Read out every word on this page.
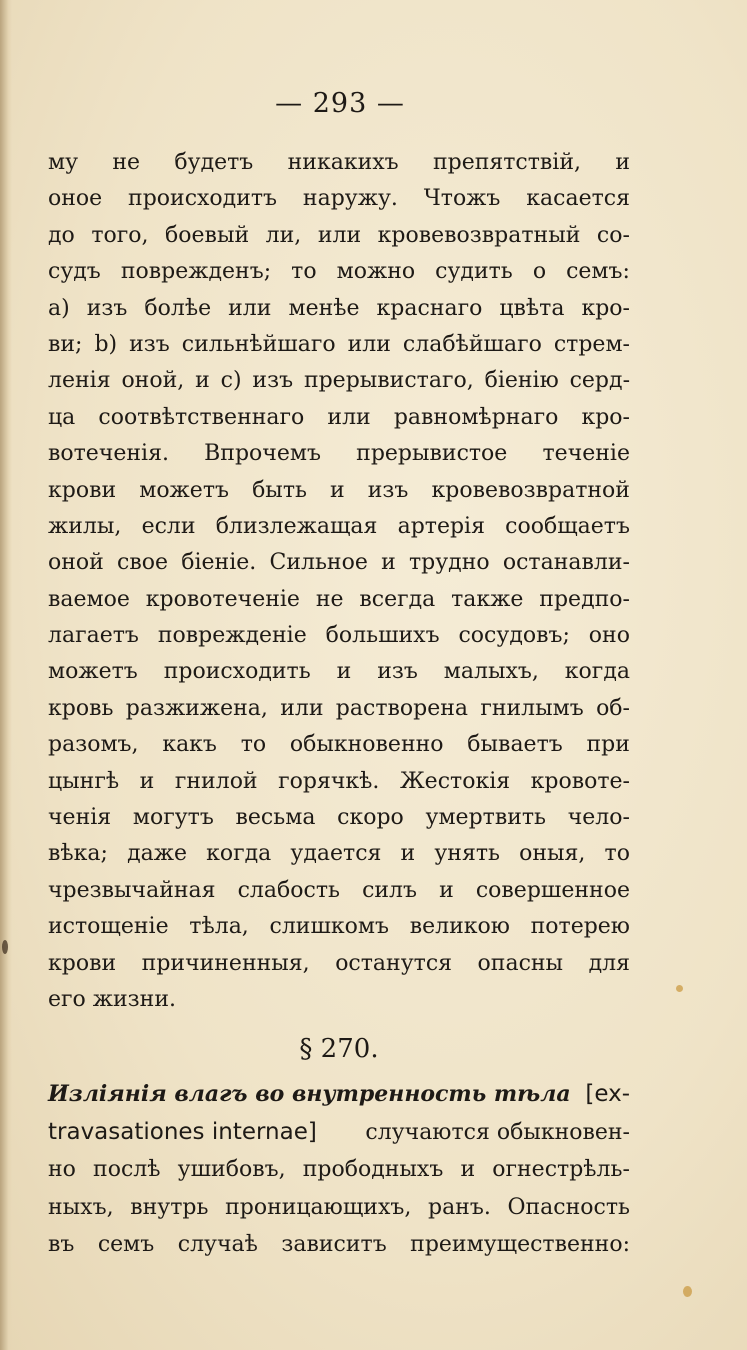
— 293 —
му не будетъ никакихъ препятствій, и
оное происходитъ наружу. Чтожъ касается
до того, боевый ли, или кровевозвратный со-
судъ поврежденъ; то можно судить о семъ:
а) изъ болѣе или менѣе краснаго цвѣта кро-
ви; b) изъ сильнѣйшаго или слабѣйшаго стрем-
ленія оной, и c) изъ прерывистаго, біенію серд-
ца соотвѣтственнаго или равномѣрнаго кро-
вотеченія. Впрочемъ прерывистое теченіе
крови можетъ быть и изъ кровевозвратной
жилы, если близлежащая артерія сообщаетъ
оной свое біеніе. Сильное и трудно останавли-
ваемое кровотеченіе не всегда также предпо-
лагаетъ поврежденіе большихъ сосудовъ; оно
можетъ происходить и изъ малыхъ, когда
кровь разжижена, или растворена гнилымъ об-
разомъ, какъ то обыкновенно бываетъ при
цынгѣ и гнилой горячкѣ. Жестокія кровоте-
ченія могутъ весьма скоро умертвить чело-
вѣка; даже когда удается и унять оныя, то
чрезвычайная слабость силъ и совершенное
истощеніе тѣла, слишкомъ великою потерею
крови причиненныя, останутся опасны для
его жизни.
§ 270.
Изліянія влагъ во внутренность тѣла [ex-
travasationes internae] случаются обыкновен-
но послѣ ушибовъ, прободныхъ и огнестрѣль-
ныхъ, внутрь проницающихъ, ранъ. Опасность
въ семъ случаѣ зависитъ преимущественно:
